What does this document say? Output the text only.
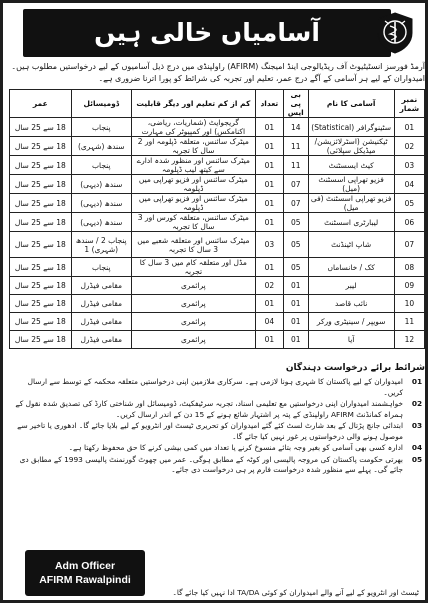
آسامیاں خالی ہیں
آرمڈ فورسز انسٹیٹیوٹ آف ریڈیالوجی اینڈ امیجنگ (AFIRM) راولپنڈی میں درج ذیل آسامیوں کے لیے درخواستیں مطلوب ہیں۔ امیدواران کے لیے ہر آسامی کے آگے درج عمر، تعلیم اور تجربہ کی شرائط کو پورا اترنا ضروری ہے۔
نمبر شمار	آسامی کا نام	بی پی ایس	تعداد	کم از کم تعلیم اور دیگر قابلیت	ڈومیسائل	عمر
01	سٹینوگرافر (Statistical)	14	01	گریجوایٹ (شماریات، ریاضی، اکنامکس) اور کمپیوٹر کی مہارت	پنجاب	18 سے 25 سال
02	ٹیکنیشن (اسٹرلائزیشن/میڈیکل سپلائی)	11	01	میٹرک سائنس، متعلقہ ڈپلومہ اور 2 سال کا تجربہ	سندھ (شہری)	18 سے 25 سال
03	کیٹ ایسسٹنٹ	11	01	میٹرک سائنس اور منظور شدہ ادارے سے کیتھ لیب ڈپلومہ	پنجاب	18 سے 25 سال
04	فزیو تھراپی اسسٹنٹ (میل)	07	01	میٹرک سائنس اور فزیو تھراپی میں ڈپلومہ	سندھ (دیہی)	18 سے 25 سال
05	فزیو تھراپی اسسٹنٹ (فی میل)	07	01	میٹرک سائنس اور فزیو تھراپی میں ڈپلومہ	سندھ (دیہی)	18 سے 25 سال
06	لیبارٹری اسسٹنٹ	05	01	میٹرک سائنس، متعلقہ کورس اور 3 سال کا تجربہ	سندھ (دیہی)	18 سے 25 سال
07	شاپ اٹینڈنٹ	05	03	میٹرک سائنس اور متعلقہ شعبے میں 3 سال کا تجربہ	پنجاب 2 / سندھ (شہری) 1	18 سے 25 سال
08	کک / خانساماں	05	01	مڈل اور متعلقہ کام میں 3 سال کا تجربہ	پنجاب	18 سے 25 سال
09	لیبر	01	02	پرائمری	مقامی فیڈرل	18 سے 25 سال
10	نائب قاصد	01	01	پرائمری	مقامی فیڈرل	18 سے 25 سال
11	سویپر / سینیٹری ورکر	01	04	پرائمری	مقامی فیڈرل	18 سے 25 سال
12	آیا	01	01	پرائمری	مقامی فیڈرل	18 سے 25 سال
شرائط برائے درخواست دہندگان
01
امیدواران کے لیے پاکستان کا شہری ہونا لازمی ہے۔ سرکاری ملازمین اپنی درخواستیں متعلقہ محکمہ کے توسط سے ارسال کریں۔
02
خواہشمند امیدواران اپنی درخواستیں مع تعلیمی اسناد، تجربہ سرٹیفکیٹ، ڈومیسائل اور شناختی کارڈ کی تصدیق شدہ نقول کے ہمراہ کمانڈنٹ AFIRM راولپنڈی کے پتہ پر اشتہار شائع ہونے کے 15 دن کے اندر ارسال کریں۔
03
ابتدائی جانچ پڑتال کے بعد شارٹ لسٹ کئے گئے امیدواران کو تحریری ٹیسٹ اور انٹرویو کے لیے بلایا جائے گا۔ ادھوری یا تاخیر سے موصول ہونے والی درخواستوں پر غور نہیں کیا جائے گا۔
04
ادارہ کسی بھی آسامی کو بغیر وجہ بتائے منسوخ کرنے یا تعداد میں کمی بیشی کرنے کا حق محفوظ رکھتا ہے۔
05
بھرتی حکومت پاکستان کی مروجہ پالیسی اور کوٹہ کے مطابق ہوگی۔ عمر میں چھوٹ گورنمنٹ پالیسی 1993 کے مطابق دی جائے گی۔ پہلے سے منظور شدہ درخواست فارم پر ہی درخواست دی جائے۔
ٹیسٹ اور انٹرویو کے لیے آنے والے امیدواران کو کوئی TA/DA ادا نہیں کیا جائے گا۔
Adm Officer
AFIRM Rawalpindi
